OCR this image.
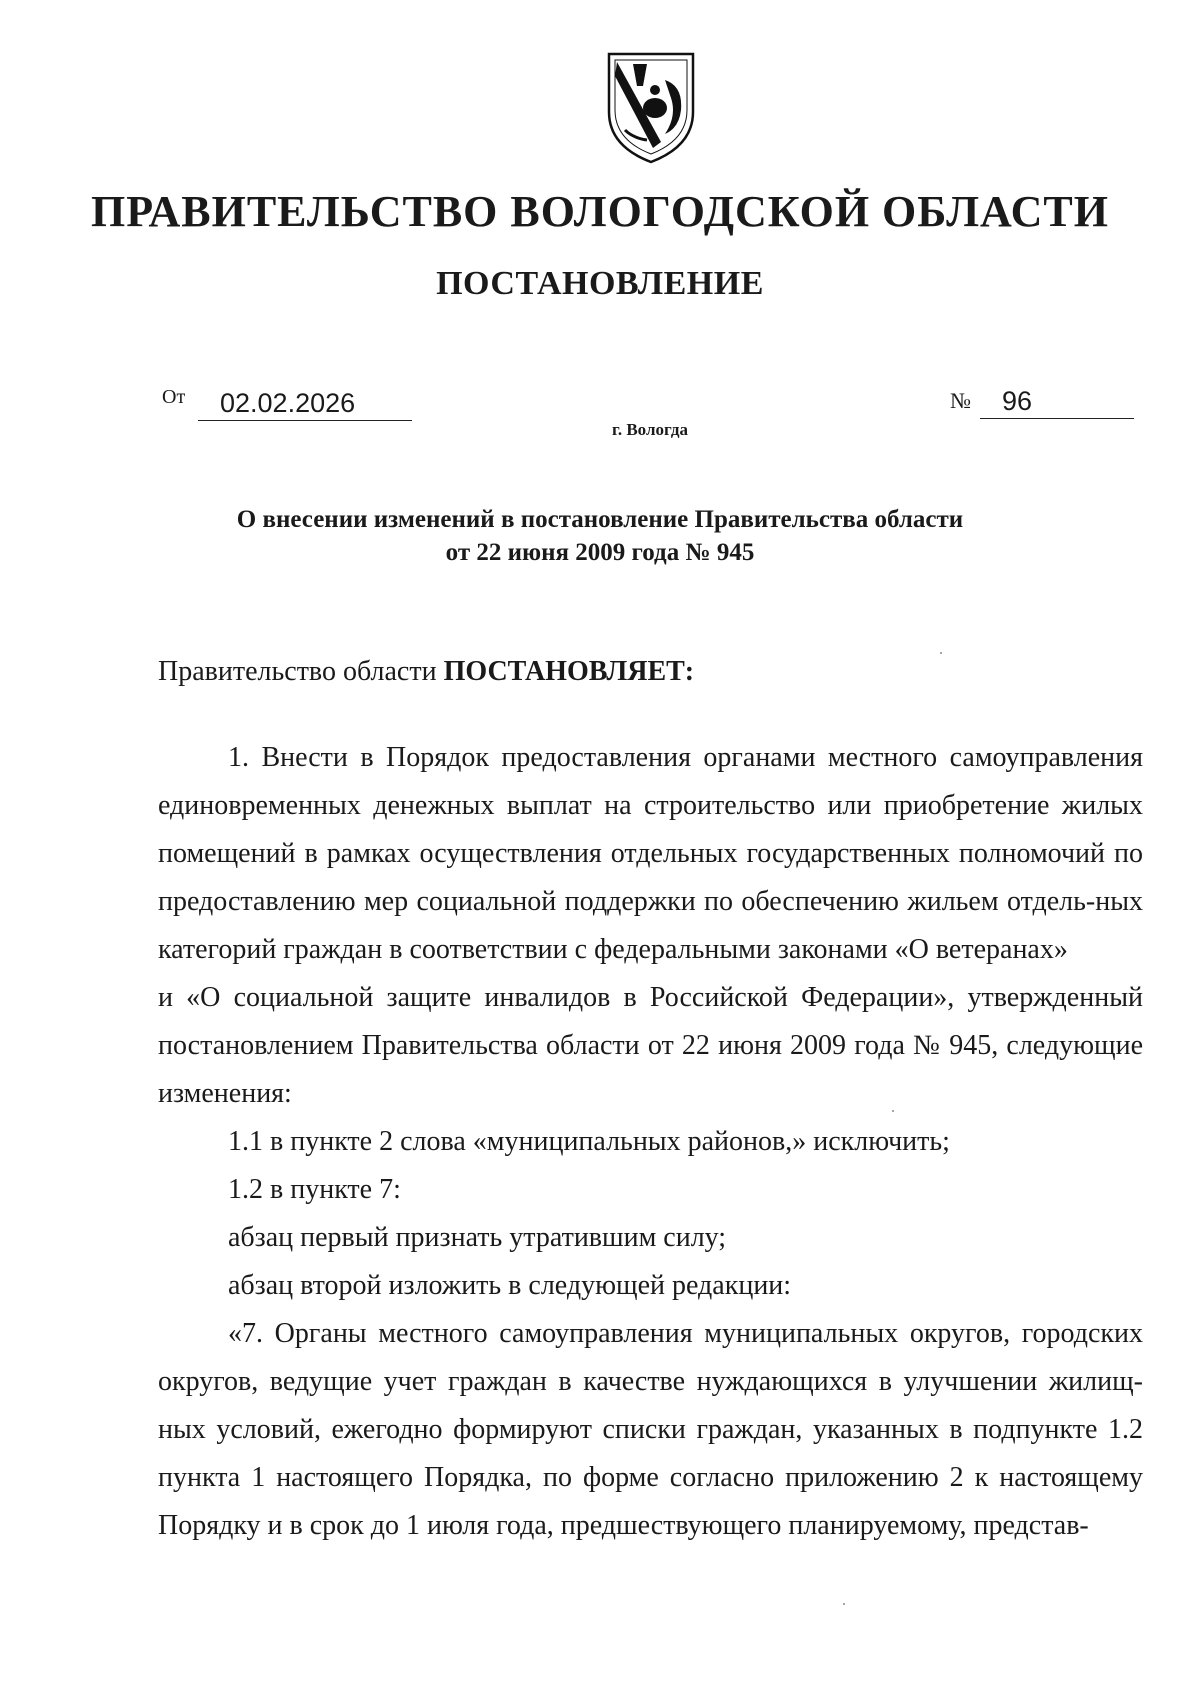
ПРАВИТЕЛЬСТВО ВОЛОГОДСКОЙ ОБЛАСТИ
ПОСТАНОВЛЕНИЕ
От	02.02.2026	№	96
г. Вологда
О внесении изменений в постановление Правительства области
от 22 июня 2009 года № 945
Правительство области ПОСТАНОВЛЯЕТ:

1. Внести в Порядок предоставления органами местного самоуправления единовременных денежных выплат на строительство или приобретение жилых помещений в рамках осуществления отдельных государственных полномочий по предоставлению мер социальной поддержки по обеспечению жильем отдель-ных категорий граждан в соответствии с федеральными законами «О ветеранах»

и «О социальной защите инвалидов в Российской Федерации», утвержденный

постановлением Правительства области от 22 июня 2009 года № 945, следующие изменения:

1.1 в пункте 2 слова «муниципальных районов,» исключить;

1.2 в пункте 7:

абзац первый признать утратившим силу;

абзац второй изложить в следующей редакции:

«7. Органы местного самоуправления муниципальных округов, городских округов, ведущие учет граждан в качестве нуждающихся в улучшении жилищ-ных условий, ежегодно формируют списки граждан, указанных в подпункте 1.2 пункта 1 настоящего Порядка, по форме согласно приложению 2 к настоящему Порядку и в срок до 1 июля года, предшествующего планируемому, представ-
